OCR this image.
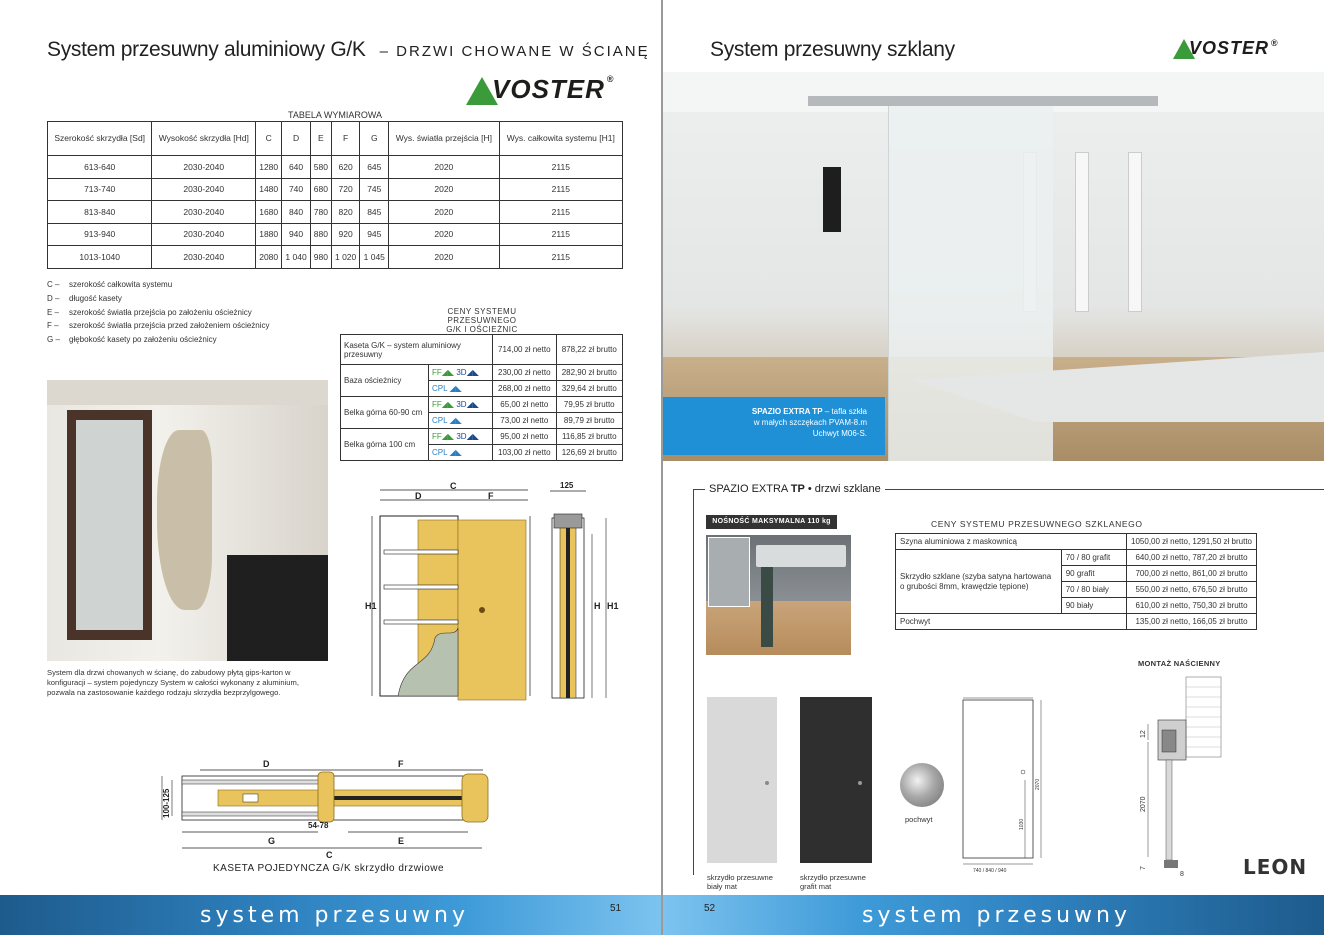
System przesuwny aluminiowy G/K – DRZWI CHOWANE W ŚCIANĘ
VOSTER ®
TABELA WYMIAROWA
Szerokość skrzydła [Sd]	Wysokość skrzydła [Hd]	C	D	E	F	G	Wys. światła przejścia [H]	Wys. całkowita systemu [H1]
613-640	2030-2040	1280	640	580	620	645	2020	2115
713-740	2030-2040	1480	740	680	720	745	2020	2115
813-840	2030-2040	1680	840	780	820	845	2020	2115
913-940	2030-2040	1880	940	880	920	945	2020	2115
1013-1040	2030-2040	2080	1 040	980	1 020	1 045	2020	2115
C – szerokość całkowita systemu
D – długość kasety
E – szerokość światła przejścia po założeniu ościeżnicy
F – szerokość światła przejścia przed założeniem ościeżnicy
G – głębokość kasety po założeniu ościeżnicy
CENY SYSTEMU PRZESUWNEGO
G/K I OŚCIEŻNIC
Kaseta G/K – system aluminiowy przesuwny		714,00 zł netto	878,22 zł brutto
Baza ościeżnicy	FF◢◣ 3D◢◣	230,00 zł netto	282,90 zł brutto
	CPL ◢◣	268,00 zł netto	329,64 zł brutto
Belka górna 60-90 cm	FF◢◣ 3D◢◣	65,00 zł netto	79,95 zł brutto
	CPL ◢◣	73,00 zł netto	89,79 zł brutto
Belka górna 100 cm	FF◢◣ 3D◢◣	95,00 zł netto	116,85 zł brutto
	CPL ◢◣	103,00 zł netto	126,69 zł brutto
System dla drzwi chowanych w ścianę, do zabudowy płytą gips-karton w konfiguracji – system pojedynczy System w całości wykonany z aluminium, pozwala na zastosowanie każdego rodzaju skrzydła bezprzylgowego.
H1
D
C
F
125
H H1
D	F
100-125
54-78
G	E
C
KASETA POJEDYNCZA G/K skrzydło drzwiowe
System przesuwny szklany	VOSTER ®
SPAZIO EXTRA TP – tafla szkła
w małych szczękach PVAM-8.m
Uchwyt M06-S.
SPAZIO EXTRA TP • drzwi szklane
NOŚNOŚĆ MAKSYMALNA 110 kg	CENY SYSTEMU PRZESUWNEGO SZKLANEGO
Szyna aluminiowa z maskownicą		1050,00 zł netto, 1291,50 zł brutto
Skrzydło szklane (szyba satyna hartowana o grubości 8mm, krawędzie tępione)	70 / 80 grafit	640,00 zł netto, 787,20 zł brutto
	90 grafit	700,00 zł netto, 861,00 zł brutto
	70 / 80 biały	550,00 zł netto, 676,50 zł brutto
	90 biały	610,00 zł netto, 750,30 zł brutto
Pochwyt		135,00 zł netto, 166,05 zł brutto
skrzydło przesuwne
biały mat
skrzydło przesuwne
grafit mat
pochwyt
2070
1030
740 / 840 / 940
MONTAŻ NAŚCIENNY
12
2070
7
8	LEON
system przesuwny	system przesuwny
51	52
